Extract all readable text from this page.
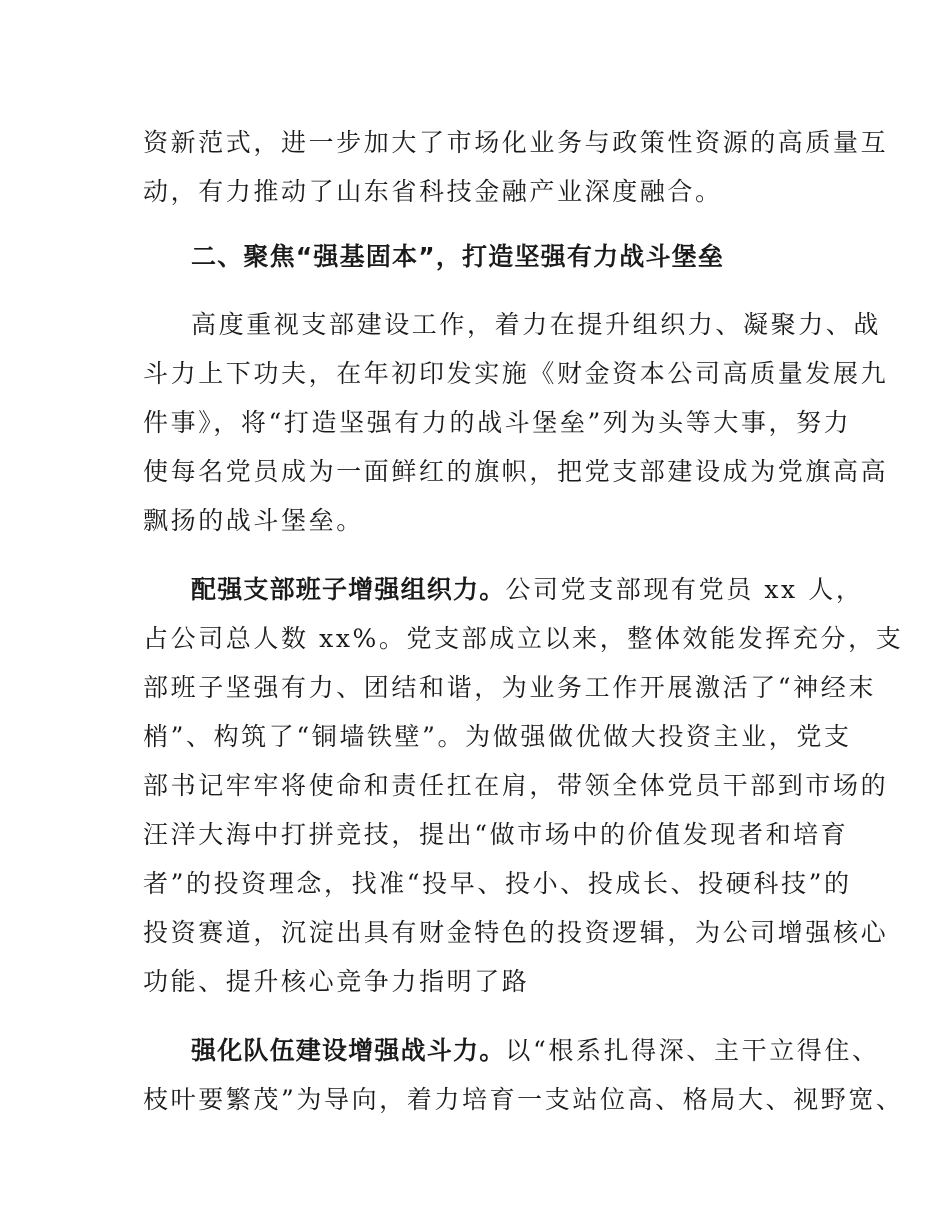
资新范式，进一步加大了市场化业务与政策性资源的高质量互
动，有力推动了山东省科技金融产业深度融合。
二、聚焦“强基固本”，打造坚强有力战斗堡垒
高度重视支部建设工作，着力在提升组织力、凝聚力、战
斗力上下功夫，在年初印发实施《财金资本公司高质量发展九
件事》，将“打造坚强有力的战斗堡垒”列为头等大事，努力
使每名党员成为一面鲜红的旗帜，把党支部建设成为党旗高高
飘扬的战斗堡垒。
配强支部班子增强组织力。公司党支部现有党员 xx 人，
占公司总人数 xx%。党支部成立以来，整体效能发挥充分，支
部班子坚强有力、团结和谐，为业务工作开展激活了“神经末
梢”、构筑了“铜墙铁壁”。为做强做优做大投资主业，党支
部书记牢牢将使命和责任扛在肩，带领全体党员干部到市场的
汪洋大海中打拼竞技，提出“做市场中的价值发现者和培育
者”的投资理念，找准“投早、投小、投成长、投硬科技”的
投资赛道，沉淀出具有财金特色的投资逻辑，为公司增强核心
功能、提升核心竞争力指明了路
强化队伍建设增强战斗力。以“根系扎得深、主干立得住、
枝叶要繁茂”为导向，着力培育一支站位高、格局大、视野宽、
